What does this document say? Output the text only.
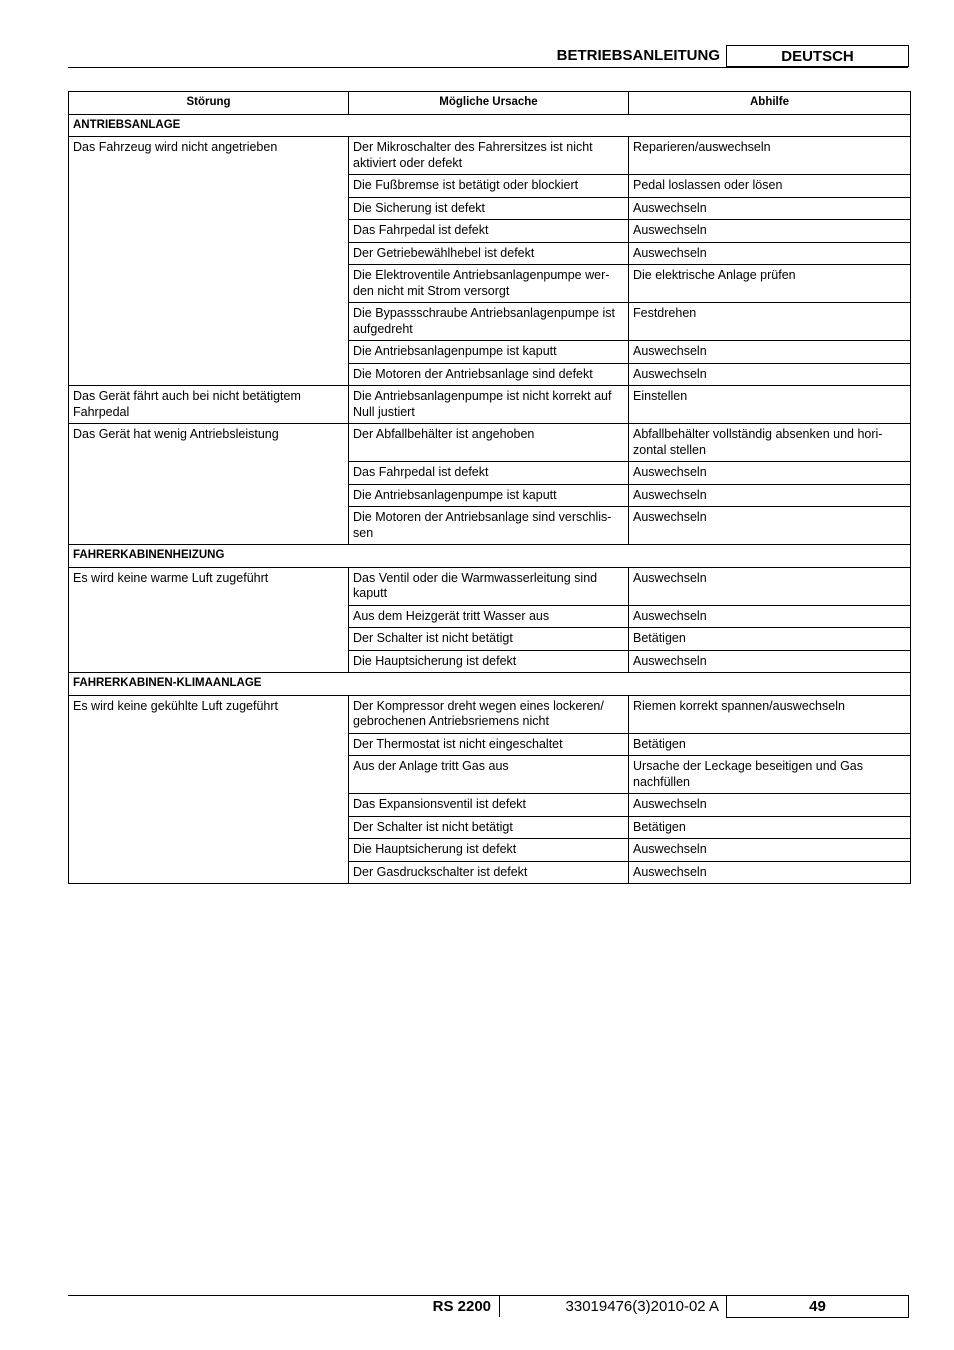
BETRIEBSANLEITUNG	DEUTSCH
Störung	Mögliche Ursache	Abhilfe
ANTRIEBSANLAGE		
Das Fahrzeug wird nicht angetrieben	Der Mikroschalter des Fahrersitzes ist nicht aktiviert oder defekt	Reparieren/auswechseln
	Die Fußbremse ist betätigt oder blockiert	Pedal loslassen oder lösen
	Die Sicherung ist defekt	Auswechseln
	Das Fahrpedal ist defekt	Auswechseln
	Der Getriebewählhebel ist defekt	Auswechseln
	Die Elektroventile Antriebsanlagenpumpe wer-den nicht mit Strom versorgt	Die elektrische Anlage prüfen
	Die Bypassschraube Antriebsanlagenpumpe ist aufgedreht	Festdrehen
	Die Antriebsanlagenpumpe ist kaputt	Auswechseln
	Die Motoren der Antriebsanlage sind defekt	Auswechseln
Das Gerät fährt auch bei nicht betätigtem Fahrpedal	Die Antriebsanlagenpumpe ist nicht korrekt auf Null justiert	Einstellen
Das Gerät hat wenig Antriebsleistung	Der Abfallbehälter ist angehoben	Abfallbehälter vollständig absenken und hori-zontal stellen
	Das Fahrpedal ist defekt	Auswechseln
	Die Antriebsanlagenpumpe ist kaputt	Auswechseln
	Die Motoren der Antriebsanlage sind verschlis-sen	Auswechseln
FAHRERKABINENHEIZUNG		
Es wird keine warme Luft zugeführt	Das Ventil oder die Warmwasserleitung sind kaputt	Auswechseln
	Aus dem Heizgerät tritt Wasser aus	Auswechseln
	Der Schalter ist nicht betätigt	Betätigen
	Die Hauptsicherung ist defekt	Auswechseln
FAHRERKABINEN-KLIMAANLAGE		
Es wird keine gekühlte Luft zugeführt	Der Kompressor dreht wegen eines lockeren/ gebrochenen Antriebsriemens nicht	Riemen korrekt spannen/auswechseln
	Der Thermostat ist nicht eingeschaltet	Betätigen
	Aus der Anlage tritt Gas aus	Ursache der Leckage beseitigen und Gas nachfüllen
	Das Expansionsventil ist defekt	Auswechseln
	Der Schalter ist nicht betätigt	Betätigen
	Die Hauptsicherung ist defekt	Auswechseln
	Der Gasdruckschalter ist defekt	Auswechseln
RS 2200	33019476(3)2010-02 A	49
